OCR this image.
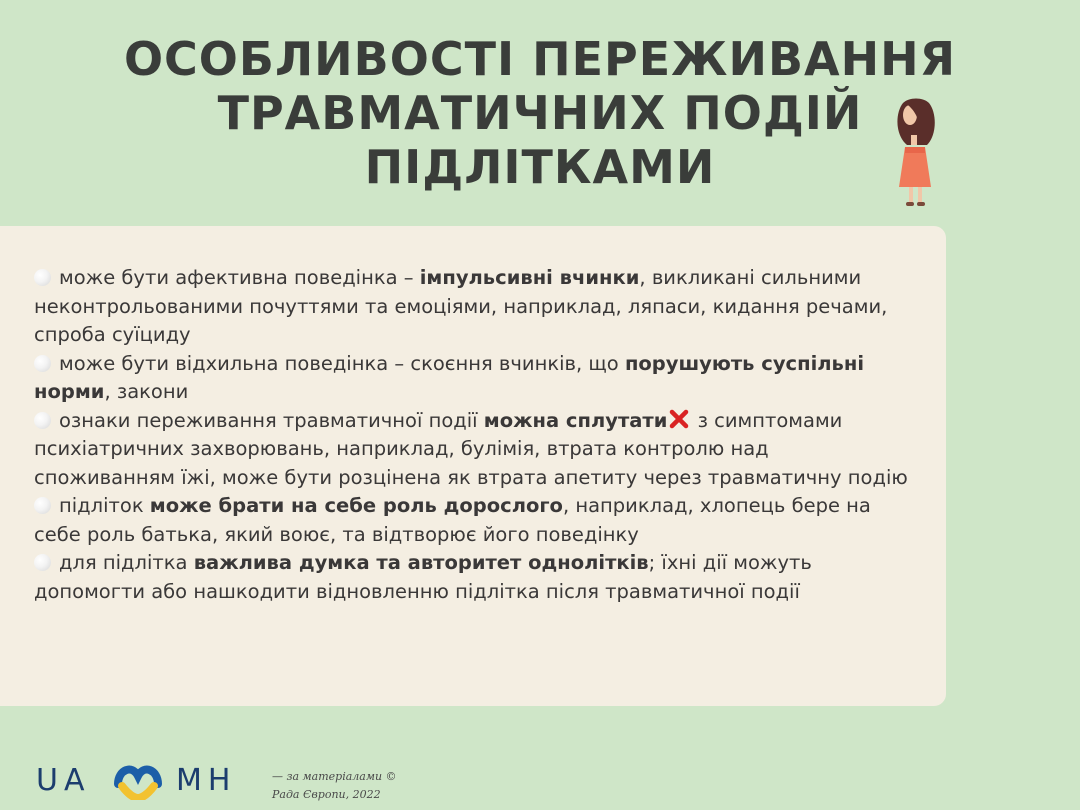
ОСОБЛИВОСТІ ПЕРЕЖИВАННЯ
ТРАВМАТИЧНИХ ПОДІЙ
ПІДЛІТКАМИ
може бути афективна поведінка – імпульсивні вчинки, викликані сильними неконтрольованими почуттями та емоціями, наприклад, ляпаси, кидання речами, спроба суїциду
може бути відхильна поведінка – скоєння вчинків, що порушують суспільні норми, закони
ознаки переживання травматичної події можна сплутати з симптомами психіатричних захворювань, наприклад, булімія, втрата контролю над споживанням їжі, може бути розцінена як втрата апетиту через травматичну подію
підліток може брати на себе роль дорослого, наприклад, хлопець бере на себе роль батька, який воює, та відтворює його поведінку
для підлітка важлива думка та авторитет однолітків; їхні дії можуть допомогти або нашкодити відновленню підлітка після травматичної події
UA	MH	— за матеріалами ©
Рада Європи, 2022
